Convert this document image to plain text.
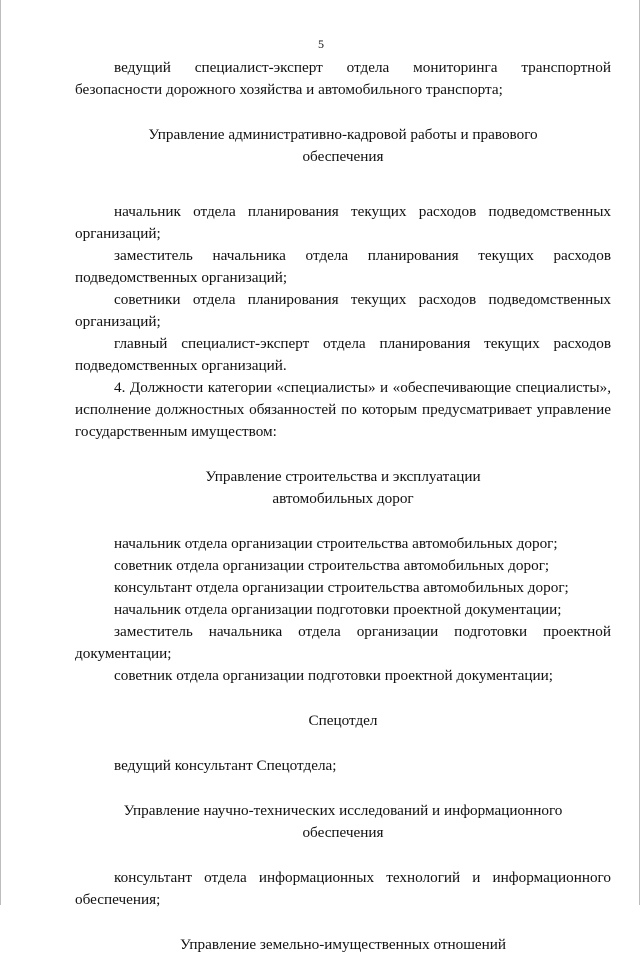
5

ведущий специалист-эксперт отдела мониторинга транспортной безопасности дорожного хозяйства и автомобильного транспорта;

Управление административно-кадровой работы и правового
обеспечения

начальник отдела планирования текущих расходов подведомственных организаций;

заместитель начальника отдела планирования текущих расходов подведомственных организаций;

советники отдела планирования текущих расходов подведомственных организаций;

главный специалист-эксперт отдела планирования текущих расходов подведомственных организаций.

4. Должности категории «специалисты» и «обеспечивающие специалисты», исполнение должностных обязанностей по которым предусматривает управление государственным имуществом:

Управление строительства и эксплуатации
автомобильных дорог

начальник отдела организации строительства автомобильных дорог;

советник отдела организации строительства автомобильных дорог;

консультант отдела организации строительства автомобильных дорог;

начальник отдела организации подготовки проектной документации;

заместитель начальника отдела организации подготовки проектной документации;

советник отдела организации подготовки проектной документации;

Спецотдел

ведущий консультант Спецотдела;

Управление научно-технических исследований и информационного
обеспечения

консультант отдела информационных технологий и информационного обеспечения;

Управление земельно-имущественных отношений
